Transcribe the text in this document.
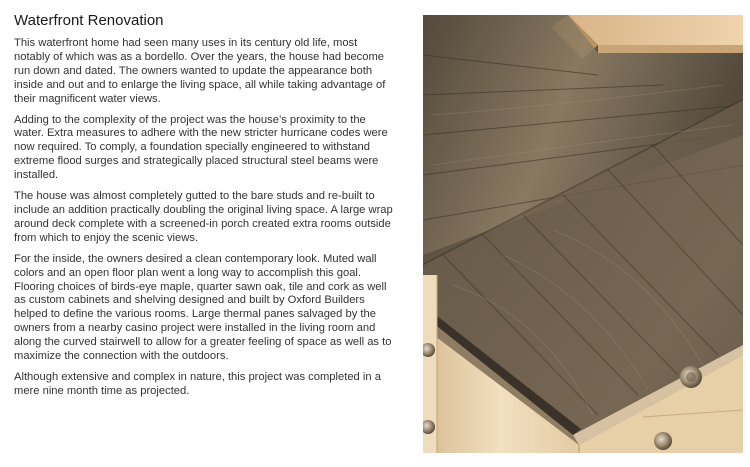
Waterfront Renovation

This waterfront home had seen many uses in its century old life, most notably of which was as a bordello. Over the years, the house had become run down and dated. The owners wanted to update the appearance both inside and out and to enlarge the living space, all while taking advantage of their magnificent water views.

Adding to the complexity of the project was the house’s proximity to the water. Extra measures to adhere with the new stricter hurricane codes were now required. To comply, a foundation specially engineered to withstand extreme flood surges and strategically placed structural steel beams were installed.

The house was almost completely gutted to the bare studs and re-built to include an addition practically doubling the original living space. A large wrap around deck complete with a screened-in porch created extra rooms outside from which to enjoy the scenic views.

For the inside, the owners desired a clean contemporary look. Muted wall colors and an open floor plan went a long way to accomplish this goal. Flooring choices of birds-eye maple, quarter sawn oak, tile and cork as well as custom cabinets and shelving designed and built by Oxford Builders helped to define the various rooms. Large thermal panes salvaged by the owners from a nearby casino project were installed in the living room and along the curved stairwell to allow for a greater feeling of space as well as to maximize the connection with the outdoors.

Although extensive and complex in nature, this project was completed in a mere nine month time as projected.
